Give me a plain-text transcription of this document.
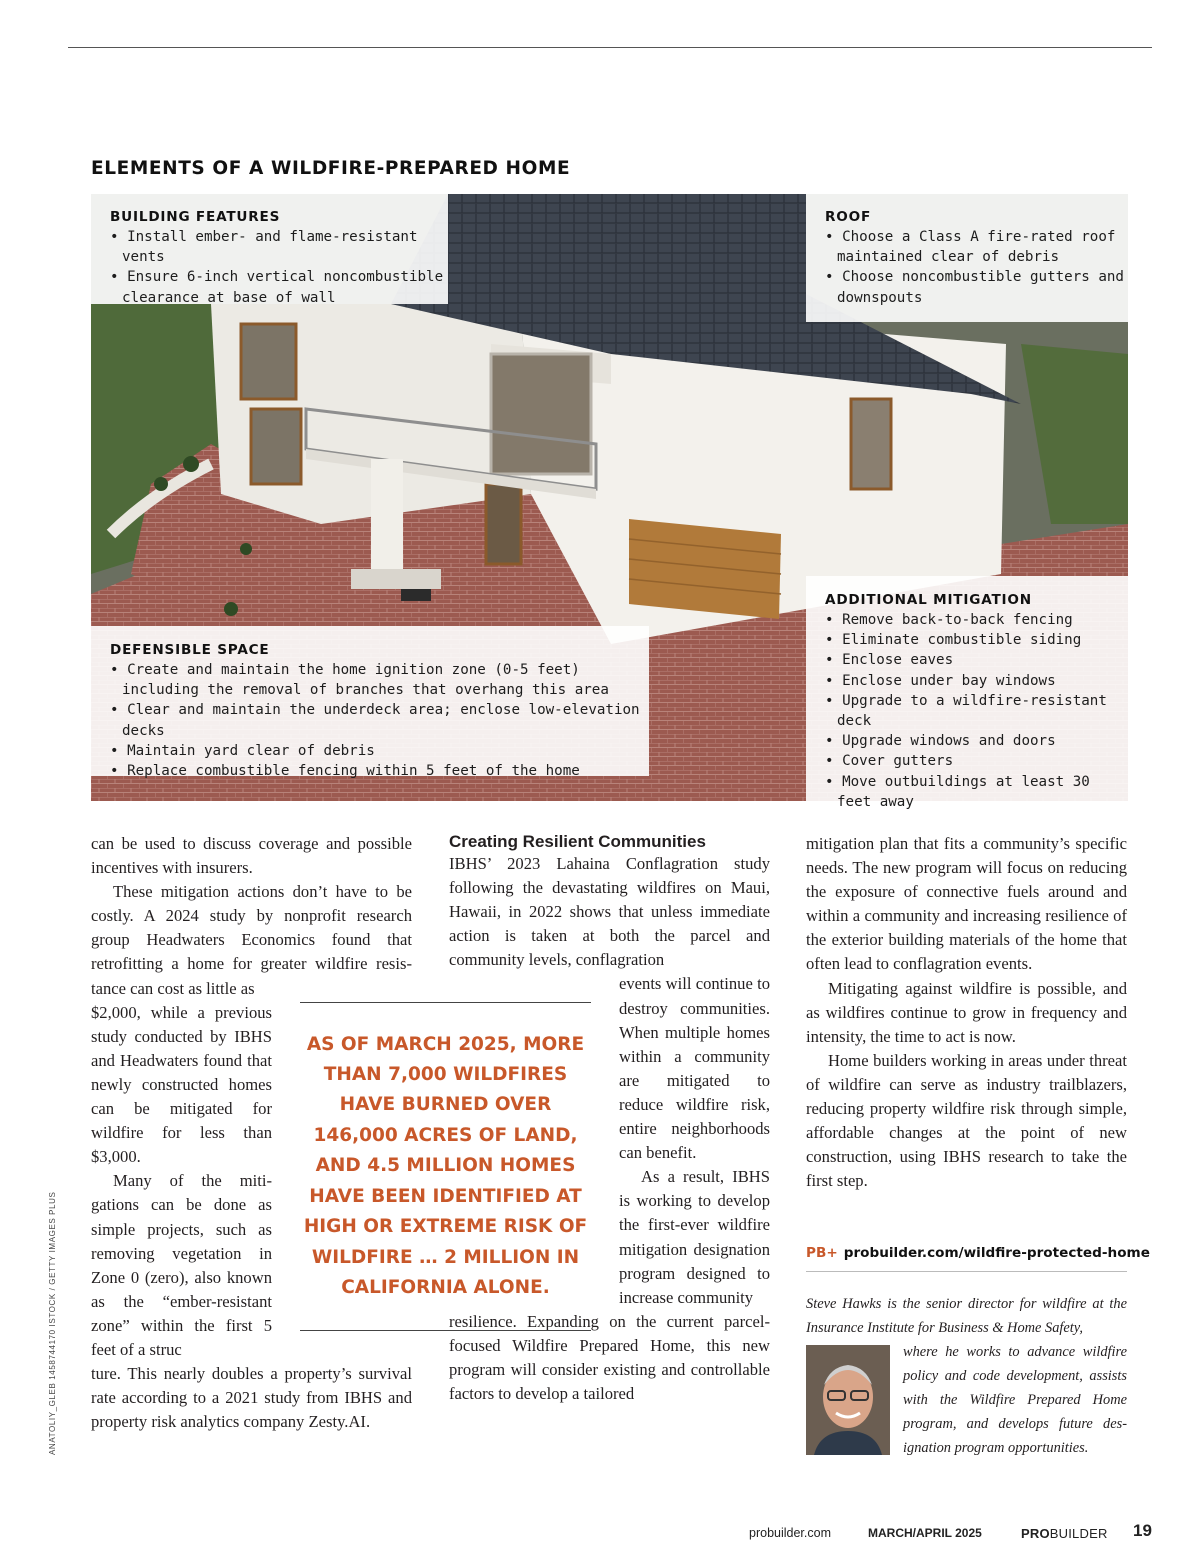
ELEMENTS OF A WILDFIRE-PREPARED HOME
BUILDING FEATURES
• Install ember- and flame-resistant vents
• Ensure 6-inch vertical noncombustible clearance at base of wall
ROOF
• Choose a Class A fire-rated roof maintained clear of debris
• Choose noncombustible gutters and downspouts
ADDITIONAL MITIGATION
• Remove back-to-back fencing
• Eliminate combustible siding
• Enclose eaves
• Enclose under bay windows
• Upgrade to a wildfire-resistant deck
• Upgrade windows and doors
• Cover gutters
• Move outbuildings at least 30 feet away
DEFENSIBLE SPACE
• Create and maintain the home ignition zone (0-5 feet) including the removal of branches that overhang this area
• Clear and maintain the underdeck area; enclose low-elevation decks
• Maintain yard clear of debris
• Replace combustible fencing within 5 feet of the home

can be used to discuss coverage and possible incentives with insurers.

These mitigation actions don’t have to be costly. A 2024 study by nonprofit research group Headwaters Economics found that retrofitting a home for greater wildfire resistance can cost as little as

$2,000, while a previous study conducted by IBHS and Headwaters found that newly constructed homes can be mitigated for wildfire for less than $3,000.

Many of the mitigations can be done as simple projects, such as removing vegetation in Zone 0 (zero), also known as the “ember-resistant zone” within the first 5 feet of a struc

ture. This nearly doubles a property’s survival rate according to a 2021 study from IBHS and property risk analytics company Zesty.AI.

Creating Resilient Communities

IBHS’ 2023 Lahaina Conflagration study following the devastating wildfires on Maui, Hawaii, in 2022 shows that unless immediate action is taken at both the parcel and community levels, conflagration

events will continue to destroy communities. When multiple homes within a community are mitigated to reduce wildfire risk, entire neighborhoods can benefit.

As a result, IBHS is working to develop the first-ever wildfire mitigation designation program designed to increase community

resilience. Expanding on the current parcel-focused Wildfire Prepared Home, this new program will consider existing and controllable factors to develop a tailored

AS OF MARCH 2025, MORE THAN 7,000 WILDFIRES HAVE BURNED OVER 146,000 ACRES OF LAND, AND 4.5 MILLION HOMES HAVE BEEN IDENTIFIED AT HIGH OR EXTREME RISK OF WILDFIRE … 2 MILLION IN CALIFORNIA ALONE.

mitigation plan that fits a community’s specific needs. The new program will focus on reducing the exposure of connective fuels around and within a community and increasing resilience of the exterior building materials of the home that often lead to conflagration events.

Mitigating against wildfire is possible, and as wildfires continue to grow in frequency and intensity, the time to act is now.

Home builders working in areas under threat of wildfire can serve as industry trailblazers, reducing property wildfire risk through simple, affordable changes at the point of new construction, using IBHS research to take the first step.

PB+ probuilder.com/wildfire-protected-home
Steve Hawks is the senior director for wildfire at the Insurance Institute for Business & Home Safety,
where he works to advance wildfire policy and code development, assists with the Wildfire Prepared Home program, and develops future designation program opportunities.
ANATOLIY_GLEB 1458744170 ISTOCK / GETTY IMAGES PLUS
probuilder.com	MARCH/APRIL 2025	PROBUILDER 19
